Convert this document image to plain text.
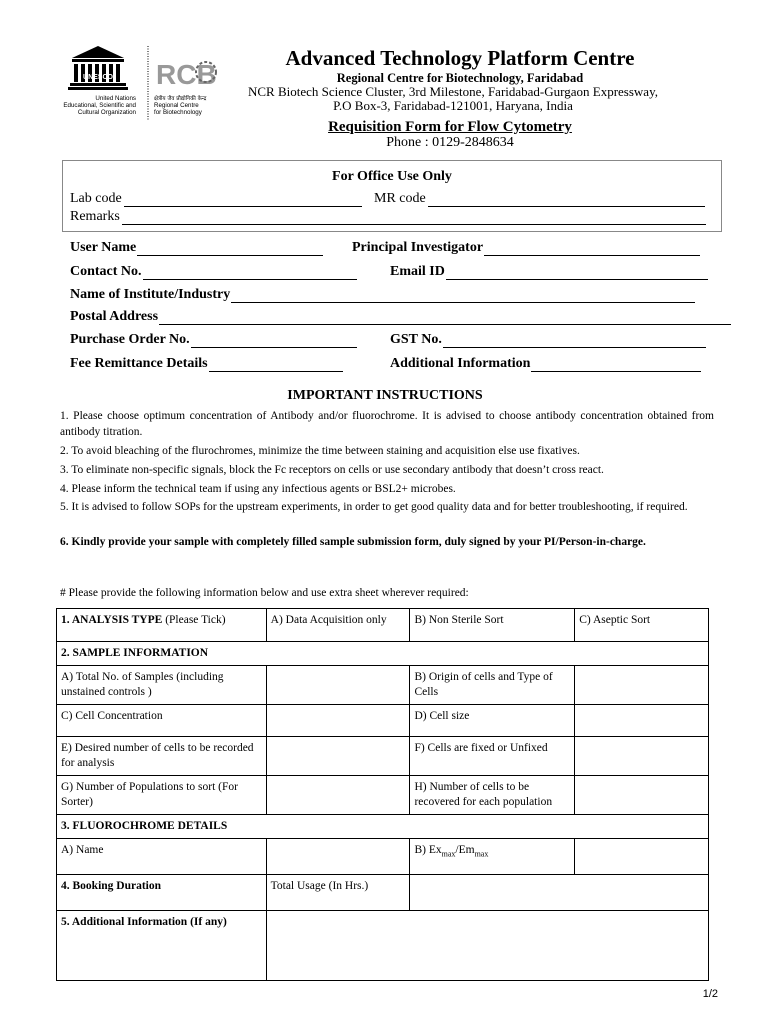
UNESCO
United Nations
Educational, Scientific and
Cultural Organization
RCB
क्षेत्रीय जैव प्रौद्योगिकी केन्द्र
Regional Centre
for Biotechnology
Advanced Technology Platform Centre
Regional Centre for Biotechnology, Faridabad
NCR Biotech Science Cluster, 3rd Milestone, Faridabad-Gurgaon Expressway,
P.O Box-3, Faridabad-121001, Haryana, India
Requisition Form for Flow Cytometry
Phone : 0129-2848634
For Office Use Only
Lab code	MR code
Remarks
User Name	Principal Investigator
Contact No.	Email ID
Name of Institute/Industry
Postal Address
Purchase Order No.	GST No.
Fee Remittance Details	Additional Information
IMPORTANT INSTRUCTIONS
1. Please choose optimum concentration of Antibody and/or fluorochrome. It is advised to choose antibody concentration obtained from antibody titration.
2. To avoid bleaching of the flurochromes, minimize the time between staining and acquisition else use fixatives.
3. To eliminate non-specific signals, block the Fc receptors on cells or use secondary antibody that doesn’t cross react.
4. Please inform the technical team if using any infectious agents or BSL2+ microbes.
5. It is advised to follow SOPs for the upstream experiments, in order to get good quality data and for better troubleshooting, if required.
6. Kindly provide your sample with completely filled sample submission form, duly signed by your PI/Person-in-charge.
# Please provide the following information below and use extra sheet wherever required:
1. ANALYSIS TYPE (Please Tick)	A) Data Acquisition only	B) Non Sterile Sort	C) Aseptic Sort
2. SAMPLE INFORMATION			
A) Total No. of Samples (including unstained controls )		B) Origin of cells and Type of Cells	
C) Cell Concentration		D) Cell size	
E) Desired number of cells to be recorded for analysis		F) Cells are fixed or Unfixed	
G) Number of Populations to sort (For Sorter)		H) Number of cells to be recovered for each population	
3. FLUOROCHROME DETAILS			
A) Name		B) $Ex_{max}/Em_{max}$	
4. Booking Duration	Total Usage (In Hrs.)		
5. Additional Information (If any)			
1/2
